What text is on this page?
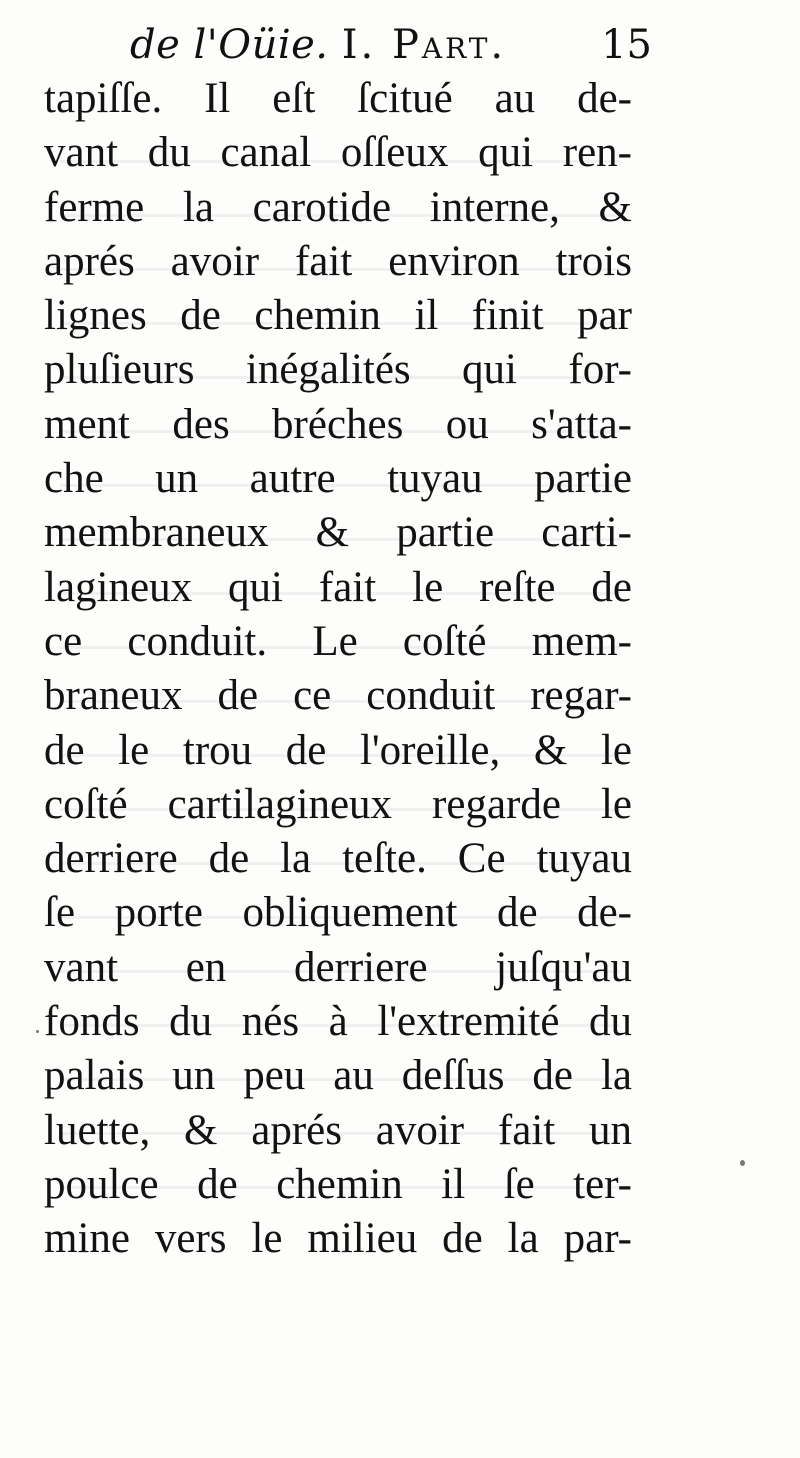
de l'Oüie. I. Part. 15
tapiſſe. Il eſt ſcitué au de-
vant du canal oſſeux qui ren-
ferme la carotide interne, &
aprés avoir fait environ trois
lignes de chemin il finit par
pluſieurs inégalités qui for-
ment des bréches ou s'atta-
che un autre tuyau partie
membraneux & partie carti-
lagineux qui fait le reſte de
ce conduit. Le coſté mem-
braneux de ce conduit regar-
de le trou de l'oreille, & le
coſté cartilagineux regarde le
derriere de la teſte. Ce tuyau
ſe porte obliquement de de-
vant en derriere juſqu'au
fonds du nés à l'extremité du
palais un peu au deſſus de la
luette, & aprés avoir fait un
poulce de chemin il ſe ter-
mine vers le milieu de la par-
